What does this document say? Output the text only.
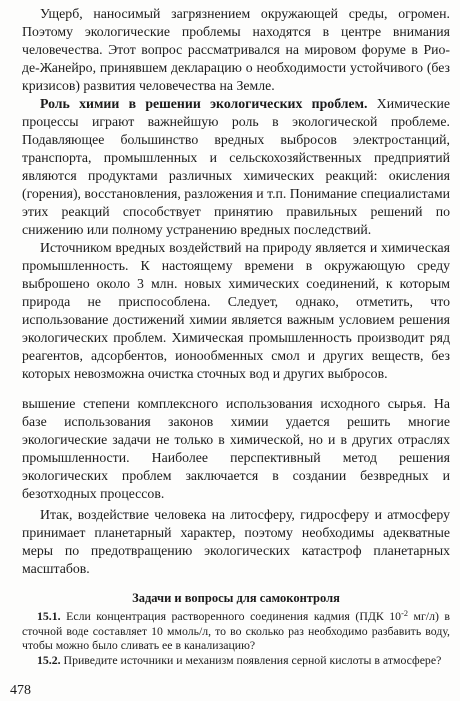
Ущерб, наносимый загрязнением окружающей среды, огромен. Поэтому экологические проблемы находятся в центре внимания человечества. Этот вопрос рассматривался на мировом форуме в Рио-де-Жанейро, принявшем декларацию о необходимости устойчивого (без кризисов) развития человечества на Земле.

Роль химии в решении экологических проблем. Химические процессы играют важнейшую роль в экологической проблеме. Подавляющее большинство вредных выбросов электростанций, транспорта, промышленных и сельскохозяйственных предприятий являются продуктами различных химических реакций: окисления (горения), восстановления, разложения и т.п. Понимание специалистами этих реакций способствует принятию правильных решений по снижению или полному устранению вредных последствий.

Источником вредных воздействий на природу является и химическая промышленность. К настоящему времени в окружающую среду выброшено около 3 млн. новых химических соединений, к которым природа не приспособлена. Следует, однако, отметить, что использование достижений химии является важным условием решения экологических проблем. Химическая промышленность производит ряд реагентов, адсорбентов, ионообменных смол и других веществ, без которых невозможна очистка сточных вод и других выбросов.

вышение степени комплексного использования исходного сырья. На базе использования законов химии удается решить многие экологические задачи не только в химической, но и в других отраслях промышленности. Наиболее перспективный метод решения экологических проблем заключается в создании безвредных и безотходных процессов.

Итак, воздействие человека на литосферу, гидросферу и атмосферу принимает планетарный характер, поэтому необходимы адекватные меры по предотвращению экологических катастроф планетарных масштабов.

Задачи и вопросы для самоконтроля

15.1. Если концентрация растворенного соединения кадмия (ПДК $10^{-2}$ мг/л) в сточной воде составляет 10 ммоль/л, то во сколько раз необходимо разбавить воду, чтобы можно было сливать ее в канализацию?

15.2. Приведите источники и механизм появления серной кислоты в атмосфере?

478
